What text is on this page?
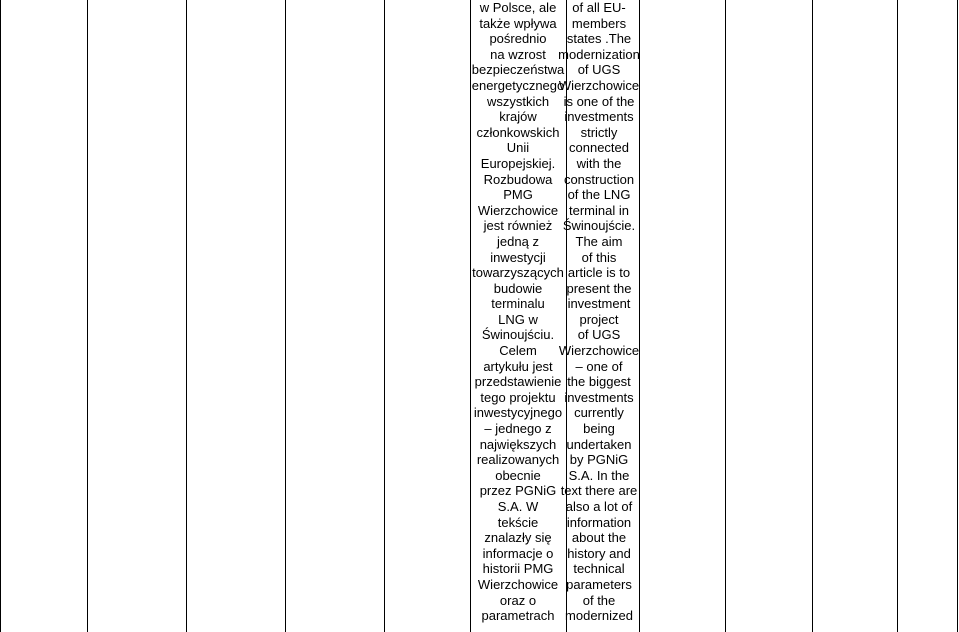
w Polsce, ale
także wpływa
pośrednio
na wzrost
bezpieczeństwa
energetycznego
wszystkich
krajów
członkowskich
Unii
Europejskiej.
Rozbudowa
PMG
Wierzchowice
jest również
jedną z
inwestycji
towarzyszących
budowie
terminalu
LNG w
Świnoujściu.
Celem
artykułu jest
przedstawienie
tego projektu
inwestycyjnego
– jednego z
największych
realizowanych
obecnie
przez PGNiG
S.A. W
tekście
znalazły się
informacje o
historii PMG
Wierzchowice
oraz o
parametrach
of all EU-
members
states .The
modernization
of UGS
Wierzchowice
is one of the
investments
strictly
connected
with the
construction
of the LNG
terminal in
Świnoujście.
The aim
of this
article is to
present the
investment
project
of UGS
Wierzchowice
– one of
the biggest
investments
currently
being
undertaken
by PGNiG
S.A. In the
text there are
also a lot of
information
about the
history and
technical
parameters
of the
modernized
